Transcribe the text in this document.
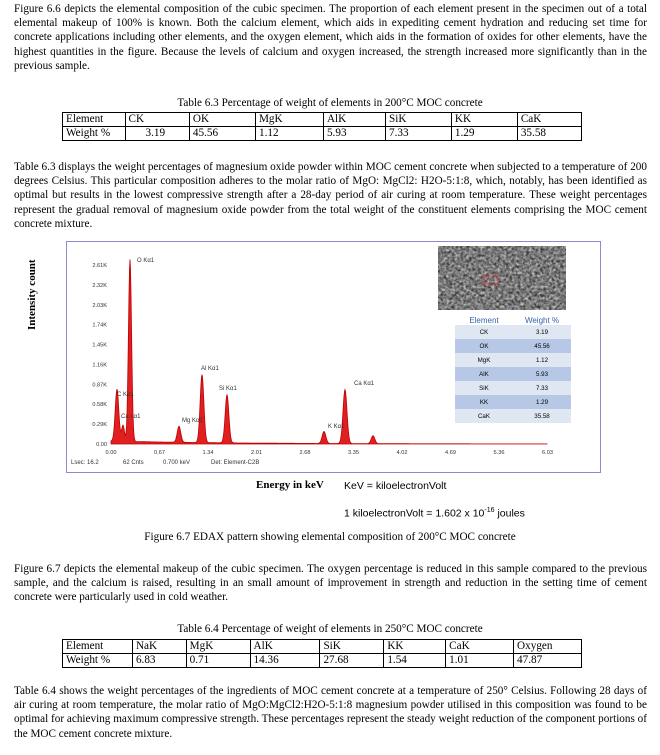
Figure 6.6 depicts the elemental composition of the cubic specimen. The proportion of each element present in the specimen out of a total elemental makeup of 100% is known. Both the calcium element, which aids in expediting cement hydration and reducing set time for concrete applications including other elements, and the oxygen element, which aids in the formation of oxides for other elements, have the highest quantities in the figure. Because the levels of calcium and oxygen increased, the strength increased more significantly than in the previous sample.
Table 6.3 Percentage of weight of elements in 200°C MOC concrete
Element	CK	OK	MgK	AlK	SiK	KK	CaK
Weight %	3.19	45.56	1.12	5.93	7.33	1.29	35.58
Table 6.3 displays the weight percentages of magnesium oxide powder within MOC cement concrete when subjected to a temperature of 200 degrees Celsius. This particular composition adheres to the molar ratio of MgO: MgCl2: H2O-5:1:8, which, notably, has been identified as optimal but results in the lowest compressive strength after a 28-day period of air curing at room temperature. These weight percentages represent the gradual removal of magnesium oxide powder from the total weight of the constituent elements comprising the MOC cement concrete mixture.
2.61K
2.32K
2.03K
1.74K
1.45K
1.16K
0.87K
0.58K
0.29K
0.00
0.00	0.67	1.34	2.01	2.68	3.35	4.02	4.69	5.36	6.03
O Kα1
C Kα1
Ca Lα1
Mg Kα1
Al Kα1
Si Kα1
K Kα1
Ca Kα1
Lsec: 16.2	62 Cnts	0.700 keV	Det: Element-C2B
Element	Weight %
CK	3.19
OK	45.56
MgK	1.12
AlK	5.93
SiK	7.33
KK	1.29
CaK	35.58
Intensity count
Energy in keV KeV = kiloelectronVolt
1 kiloelectronVolt = 1.602 x $10^{-16}$ joules
Figure 6.7 EDAX pattern showing elemental composition of 200°C MOC concrete
Figure 6.7 depicts the elemental makeup of the cubic specimen. The oxygen percentage is reduced in this sample compared to the previous sample, and the calcium is raised, resulting in an small amount of improvement in strength and reduction in the setting time of cement concrete were particularly used in cold weather.
Table 6.4 Percentage of weight of elements in 250°C MOC concrete
Element	NaK	MgK	AlK	SiK	KK	CaK	Oxygen
Weight %	6.83	0.71	14.36	27.68	1.54	1.01	47.87
Table 6.4 shows the weight percentages of the ingredients of MOC cement concrete at a temperature of 250° Celsius. Following 28 days of air curing at room temperature, the molar ratio of MgO:MgCl2:H2O-5:1:8 magnesium powder utilised in this composition was found to be optimal for achieving maximum compressive strength. These percentages represent the steady weight reduction of the component portions of the MOC cement concrete mixture.
